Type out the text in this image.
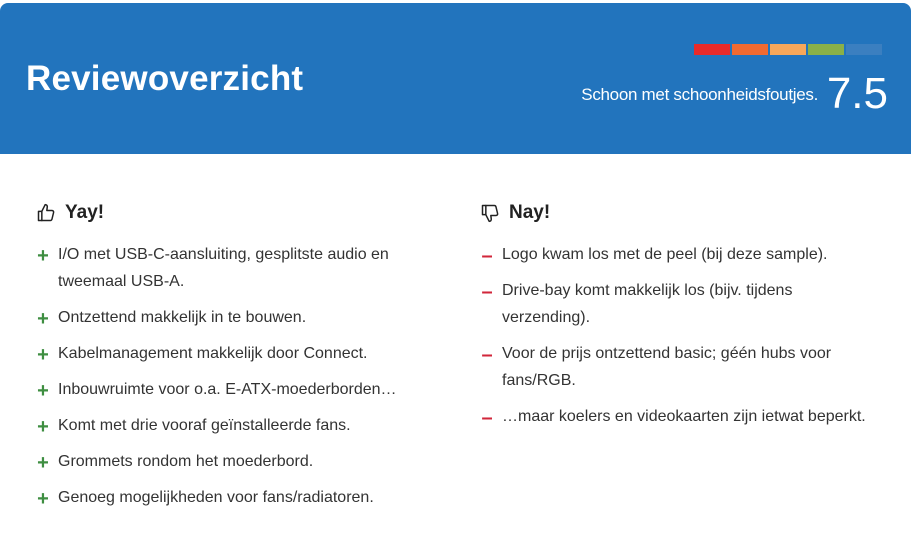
Reviewoverzicht	Schoon met schoonheidsfoutjes. 7.5
Yay!
+ I/O met USB-C-aansluiting, gesplitste audio en tweemaal USB-A.
+ Ontzettend makkelijk in te bouwen.
+ Kabelmanagement makkelijk door Connect.
+ Inbouwruimte voor o.a. E-ATX-moederborden…
+ Komt met drie vooraf geïnstalleerde fans.
+ Grommets rondom het moederbord.
+ Genoeg mogelijkheden voor fans/radiatoren.
Nay!
– Logo kwam los met de peel (bij deze sample).
– Drive-bay komt makkelijk los (bijv. tijdens verzending).
– Voor de prijs ontzettend basic; géén hubs voor fans/RGB.
– …maar koelers en videokaarten zijn ietwat beperkt.
